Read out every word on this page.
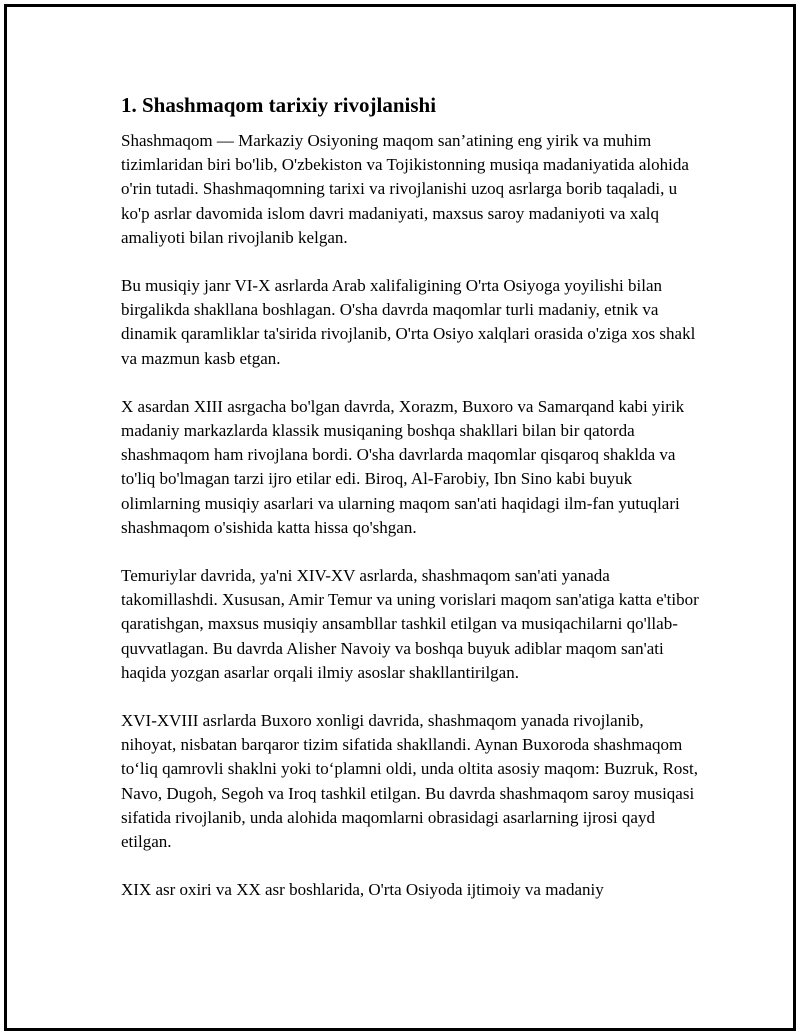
1. Shashmaqom tarixiy rivojlanishi

Shashmaqom — Markaziy Osiyoning maqom san’atining eng yirik va muhim tizimlaridan biri bo'lib, O'zbekiston va Tojikistonning musiqa madaniyatida alohida o'rin tutadi. Shashmaqomning tarixi va rivojlanishi uzoq asrlarga borib taqaladi, u ko'p asrlar davomida islom davri madaniyati, maxsus saroy madaniyoti va xalq amaliyoti bilan rivojlanib kelgan.

Bu musiqiy janr VI-X asrlarda Arab xalifaligining O'rta Osiyoga yoyilishi bilan birgalikda shakllana boshlagan. O'sha davrda maqomlar turli madaniy, etnik va dinamik qaramliklar ta'sirida rivojlanib, O'rta Osiyo xalqlari orasida o'ziga xos shakl va mazmun kasb etgan.

X asardan XIII asrgacha bo'lgan davrda, Xorazm, Buxoro va Samarqand kabi yirik madaniy markazlarda klassik musiqaning boshqa shakllari bilan bir qatorda shashmaqom ham rivojlana bordi. O'sha davrlarda maqomlar qisqaroq shaklda va to'liq bo'lmagan tarzi ijro etilar edi. Biroq, Al-Farobiy, Ibn Sino kabi buyuk olimlarning musiqiy asarlari va ularning maqom san'ati haqidagi ilm-fan yutuqlari shashmaqom o'sishida katta hissa qo'shgan.

Temuriylar davrida, ya'ni XIV-XV asrlarda, shashmaqom san'ati yanada takomillashdi. Xususan, Amir Temur va uning vorislari maqom san'atiga katta e'tibor qaratishgan, maxsus musiqiy ansambllar tashkil etilgan va musiqachilarni qo'llab-quvvatlagan. Bu davrda Alisher Navoiy va boshqa buyuk adiblar maqom san'ati haqida yozgan asarlar orqali ilmiy asoslar shakllantirilgan.

XVI-XVIII asrlarda Buxoro xonligi davrida, shashmaqom yanada rivojlanib, nihoyat, nisbatan barqaror tizim sifatida shakllandi. Aynan Buxoroda shashmaqom to‘liq qamrovli shaklni yoki to‘plamni oldi, unda oltita asosiy maqom: Buzruk, Rost, Navo, Dugoh, Segoh va Iroq tashkil etilgan. Bu davrda shashmaqom saroy musiqasi sifatida rivojlanib, unda alohida maqomlarni obrasidagi asarlarning ijrosi qayd etilgan.

XIX asr oxiri va XX asr boshlarida, O'rta Osiyoda ijtimoiy va madaniy
